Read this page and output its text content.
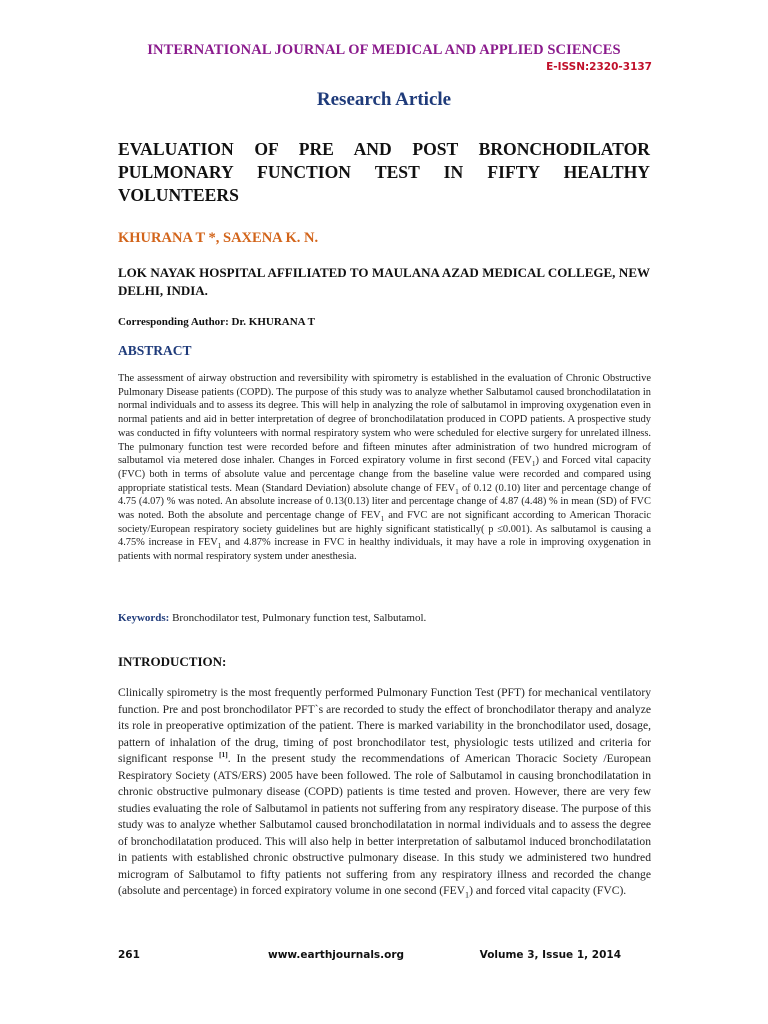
INTERNATIONAL JOURNAL OF MEDICAL AND APPLIED SCIENCES
E-ISSN:2320-3137
Research Article
EVALUATION OF PRE AND POST BRONCHODILATOR PULMONARY FUNCTION TEST IN FIFTY HEALTHY VOLUNTEERS
KHURANA T *, SAXENA K. N.
LOK NAYAK HOSPITAL AFFILIATED TO MAULANA AZAD MEDICAL COLLEGE, NEW DELHI, INDIA.
Corresponding Author: Dr. KHURANA T
ABSTRACT
The assessment of airway obstruction and reversibility with spirometry is established in the evaluation of Chronic Obstructive Pulmonary Disease patients (COPD). The purpose of this study was to analyze whether Salbutamol caused bronchodilatation in normal individuals and to assess its degree. This will help in analyzing the role of salbutamol in improving oxygenation even in normal patients and aid in better interpretation of degree of bronchodilatation produced in COPD patients. A prospective study was conducted in fifty volunteers with normal respiratory system who were scheduled for elective surgery for unrelated illness. The pulmonary function test were recorded before and fifteen minutes after administration of two hundred microgram of salbutamol via metered dose inhaler. Changes in Forced expiratory volume in first second $(FEV_1)$ and Forced vital capacity (FVC) both in terms of absolute value and percentage change from the baseline value were recorded and compared using appropriate statistical tests. Mean (Standard Deviation) absolute change of $FEV_1$ of 0.12 (0.10) liter and percentage change of 4.75 (4.07) % was noted. An absolute increase of 0.13(0.13) liter and percentage change of 4.87 (4.48) % in mean (SD) of FVC was noted. Both the absolute and percentage change of $FEV_1$ and FVC are not significant according to American Thoracic society/European respiratory society guidelines but are highly significant statistically( p ≤0.001). As salbutamol is causing a 4.75% increase in $FEV_1$ and 4.87% increase in FVC in healthy individuals, it may have a role in improving oxygenation in patients with normal respiratory system under anesthesia.
Keywords: Bronchodilator test, Pulmonary function test, Salbutamol.
INTRODUCTION:
Clinically spirometry is the most frequently performed Pulmonary Function Test (PFT) for mechanical ventilatory function. Pre and post bronchodilator PFT`s are recorded to study the effect of bronchodilator therapy and analyze its role in preoperative optimization of the patient. There is marked variability in the bronchodilator used, dosage, pattern of inhalation of the drug, timing of post bronchodilator test, physiologic tests utilized and criteria for significant response [1]. In the present study the recommendations of American Thoracic Society /European Respiratory Society (ATS/ERS) 2005 have been followed. The role of Salbutamol in causing bronchodilatation in chronic obstructive pulmonary disease (COPD) patients is time tested and proven. However, there are very few studies evaluating the role of Salbutamol in patients not suffering from any respiratory disease. The purpose of this study was to analyze whether Salbutamol caused bronchodilatation in normal individuals and to assess the degree of bronchodilatation produced. This will also help in better interpretation of salbutamol induced bronchodilatation in patients with established chronic obstructive pulmonary disease. In this study we administered two hundred microgram of Salbutamol to fifty patients not suffering from any respiratory illness and recorded the change (absolute and percentage) in forced expiratory volume in one second $(FEV_1)$ and forced vital capacity (FVC).
261	www.earthjournals.org	Volume 3, Issue 1, 2014
